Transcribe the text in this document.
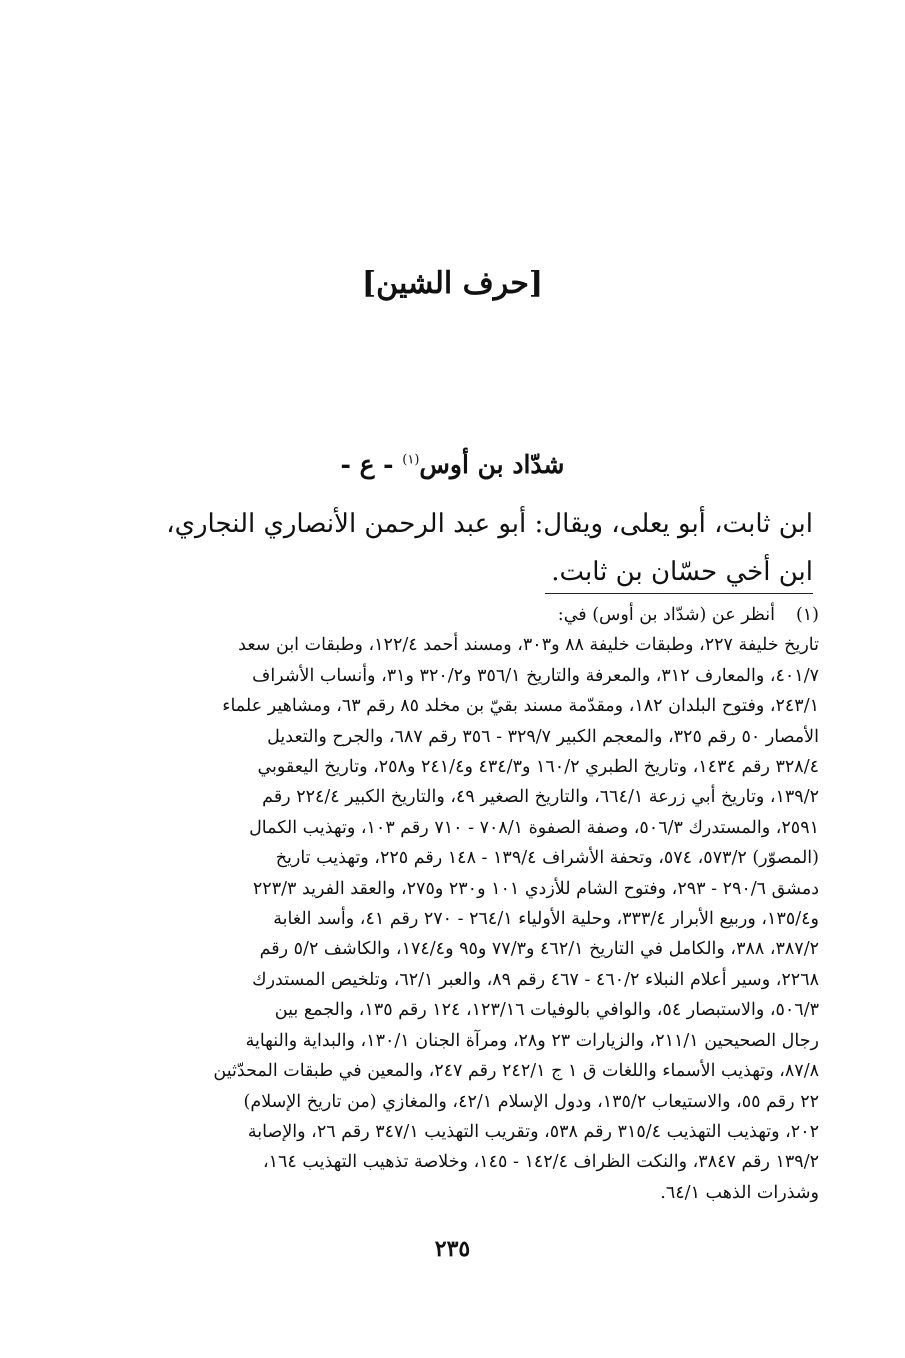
[حرف الشين]
شدّاد بن أوس$^{(١)}$ - ع -
ابن ثابت، أبو يعلى، ويقال: أبو عبد الرحمن الأنصاري النجاري،
ابن أخي حسّان بن ثابت.
(١)
أنظر عن (شدّاد بن أوس) في:
تاريخ خليفة ٢٢٧، وطبقات خليفة ٨٨ و٣٠٣، ومسند أحمد ١٢٢/٤، وطبقات ابن سعد
٤٠١/٧، والمعارف ٣١٢، والمعرفة والتاريخ ٣٥٦/١ و٣٢٠/٢ و٣١، وأنساب الأشراف
٢٤٣/١، وفتوح البلدان ١٨٢، ومقدّمة مسند بقيّ بن مخلد ٨٥ رقم ٦٣، ومشاهير علماء
الأمصار ٥٠ رقم ٣٢٥، والمعجم الكبير ٣٢٩/٧ - ٣٥٦ رقم ٦٨٧، والجرح والتعديل
٣٢٨/٤ رقم ١٤٣٤، وتاريخ الطبري ١٦٠/٢ و٤٣٤/٣ و٢٤١/٤ و٢٥٨، وتاريخ اليعقوبي
١٣٩/٢، وتاريخ أبي زرعة ٦٦٤/١، والتاريخ الصغير ٤٩، والتاريخ الكبير ٢٢٤/٤ رقم
٢٥٩١، والمستدرك ٥٠٦/٣، وصفة الصفوة ٧٠٨/١ - ٧١٠ رقم ١٠٣، وتهذيب الكمال
(المصوّر) ٥٧٣/٢، ٥٧٤، وتحفة الأشراف ١٣٩/٤ - ١٤٨ رقم ٢٢٥، وتهذيب تاريخ
دمشق ٢٩٠/٦ - ٢٩٣، وفتوح الشام للأزدي ١٠١ و٢٣٠ و٢٧٥، والعقد الفريد ٢٢٣/٣
و١٣٥/٤، وربيع الأبرار ٣٣٣/٤، وحلية الأولياء ٢٦٤/١ - ٢٧٠ رقم ٤١، وأسد الغابة
٣٨٧/٢، ٣٨٨، والكامل في التاريخ ٤٦٢/١ و٧٧/٣ و٩٥ و١٧٤/٤، والكاشف ٥/٢ رقم
٢٢٦٨، وسير أعلام النبلاء ٤٦٠/٢ - ٤٦٧ رقم ٨٩، والعبر ٦٢/١، وتلخيص المستدرك
٥٠٦/٣، والاستبصار ٥٤، والوافي بالوفيات ١٢٣/١٦، ١٢٤ رقم ١٣٥، والجمع بين
رجال الصحيحين ٢١١/١، والزيارات ٢٣ و٢٨، ومرآة الجنان ١٣٠/١، والبداية والنهاية
٨٧/٨، وتهذيب الأسماء واللغات ق ١ ج ٢٤٢/١ رقم ٢٤٧، والمعين في طبقات المحدّثين
٢٢ رقم ٥٥، والاستيعاب ١٣٥/٢، ودول الإسلام ٤٢/١، والمغازي (من تاريخ الإسلام)
٢٠٢، وتهذيب التهذيب ٣١٥/٤ رقم ٥٣٨، وتقريب التهذيب ٣٤٧/١ رقم ٢٦، والإصابة
١٣٩/٢ رقم ٣٨٤٧، والنكت الظراف ١٤٢/٤ - ١٤٥، وخلاصة تذهيب التهذيب ١٦٤،
وشذرات الذهب ٦٤/١.
٢٣٥
